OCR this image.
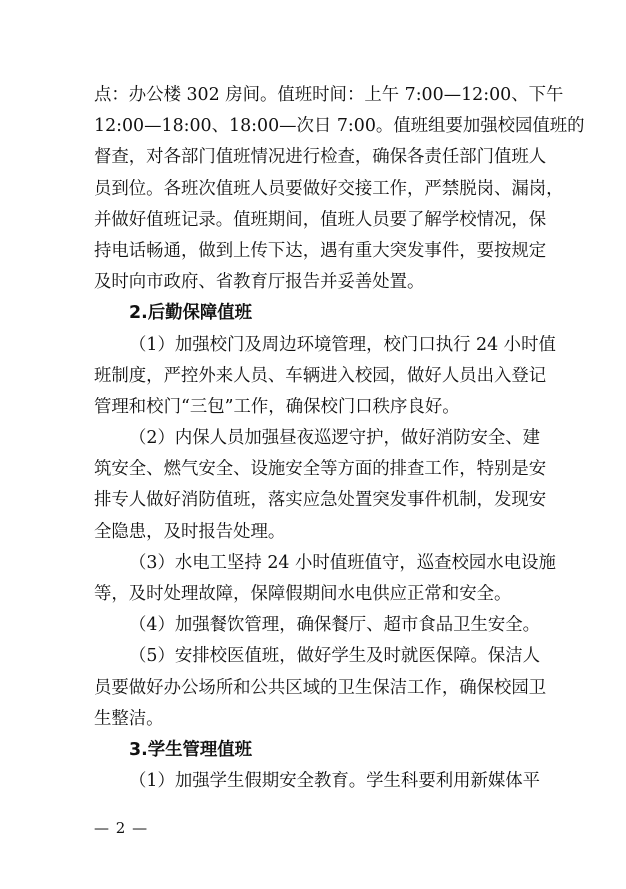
点：办公楼 302 房间。值班时间：上午 7:00—12:00、下午
12:00—18:00、18:00—次日 7:00。值班组要加强校园值班的
督查，对各部门值班情况进行检查，确保各责任部门值班人
员到位。各班次值班人员要做好交接工作，严禁脱岗、漏岗，
并做好值班记录。值班期间，值班人员要了解学校情况，保
持电话畅通，做到上传下达，遇有重大突发事件，要按规定
及时向市政府、省教育厅报告并妥善处置。
2.后勤保障值班
（1）加强校门及周边环境管理，校门口执行 24 小时值
班制度，严控外来人员、车辆进入校园，做好人员出入登记
管理和校门“三包”工作，确保校门口秩序良好。
（2）内保人员加强昼夜巡逻守护，做好消防安全、建
筑安全、燃气安全、设施安全等方面的排查工作，特别是安
排专人做好消防值班，落实应急处置突发事件机制，发现安
全隐患，及时报告处理。
（3）水电工坚持 24 小时值班值守，巡查校园水电设施
等，及时处理故障，保障假期间水电供应正常和安全。
（4）加强餐饮管理，确保餐厅、超市食品卫生安全。
（5）安排校医值班，做好学生及时就医保障。保洁人
员要做好办公场所和公共区域的卫生保洁工作，确保校园卫
生整洁。
3.学生管理值班
（1）加强学生假期安全教育。学生科要利用新媒体平
— 2 —
